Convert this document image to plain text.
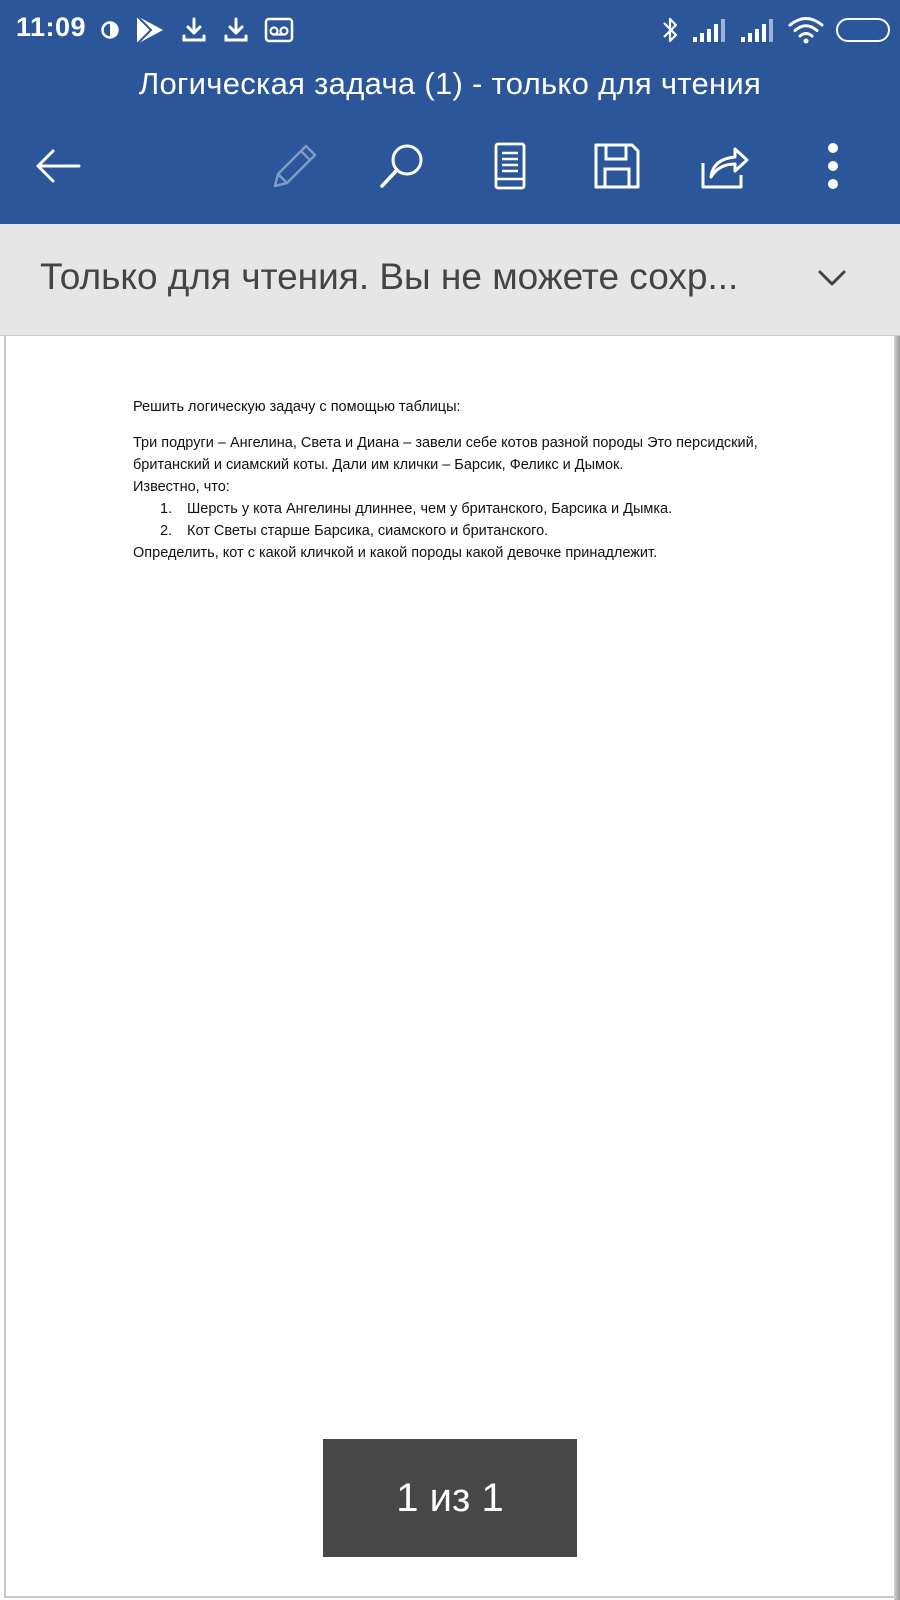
11:09	56
Логическая задача (1) - только для чтения
Только для чтения. Вы не можете сохр...

Решить логическую задачу с помощью таблицы:

Три подруги – Ангелина, Света и Диана – завели себе котов разной породы Это персидский, британский и сиамский коты. Дали им клички – Барсик, Феликс и Дымок.

Известно, что:

1.	Шерсть у кота Ангелины длиннее, чем у британского, Барсика и Дымка.
2.	Кот Светы старше Барсика, сиамского и британского.

Определить, кот с какой кличкой и какой породы какой девочке принадлежит.

1 из 1
